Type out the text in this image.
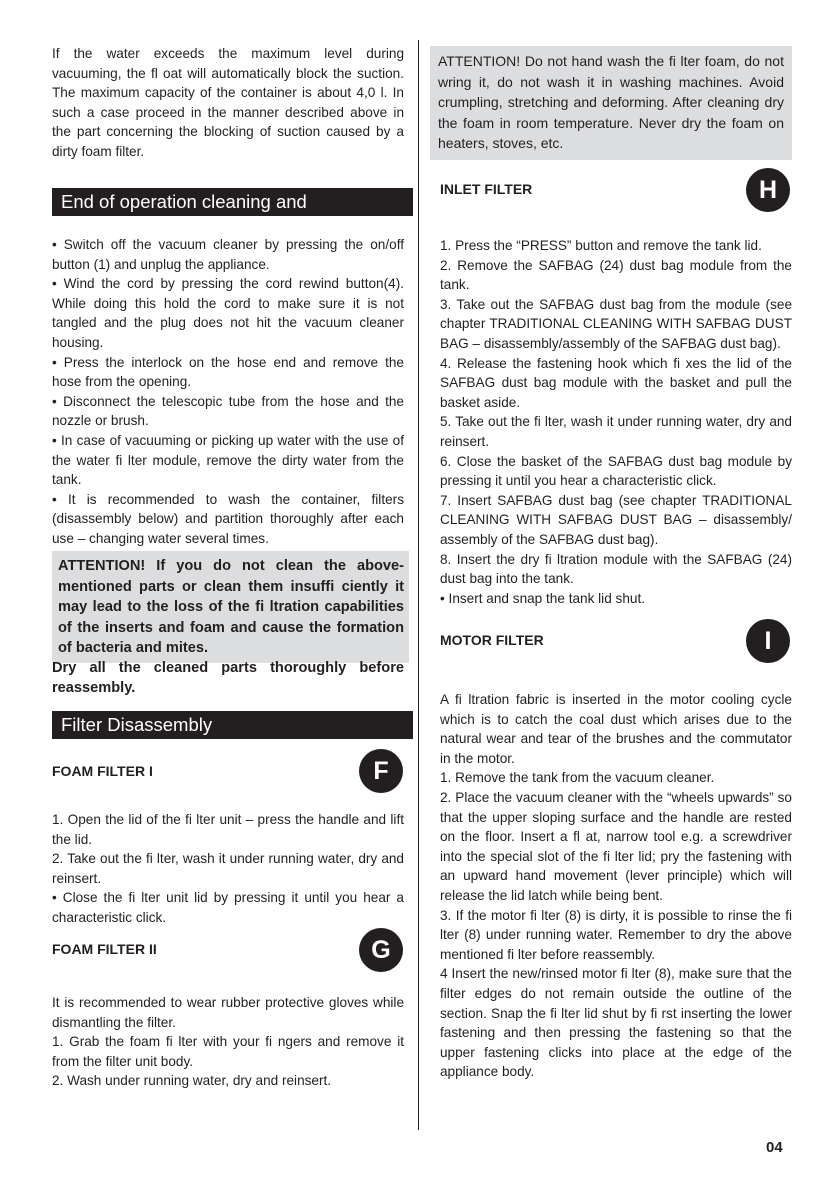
If the water exceeds the maximum level during vacuuming, the fl oat will automatically block the suction. The maximum capacity of the container is about 4,0 l. In such a case proceed in the manner described above in the part concerning the blocking of suction caused by a dirty foam filter.

End of operation cleaning and maintenance

• Switch off the vacuum cleaner by pressing the on/off button (1) and unplug the appliance.

• Wind the cord by pressing the cord rewind button(4). While doing this hold the cord to make sure it is not tangled and the plug does not hit the vacuum cleaner housing.

• Press the interlock on the hose end and remove the hose from the opening.

• Disconnect the telescopic tube from the hose and the nozzle or brush.

• In case of vacuuming or picking up water with the use of the water fi lter module, remove the dirty water from the tank.

• It is recommended to wash the container, filters (disassembly below) and partition thoroughly after each use – changing water several times.

ATTENTION! If you do not clean the above-mentioned parts or clean them insuffi ciently it may lead to the loss of the fi ltration capabilities of the inserts and foam and cause the formation of bacteria and mites.

Dry all the cleaned parts thoroughly before reassembly.

Filter Disassembly
FOAM FILTER I	F

1. Open the lid of the fi lter unit – press the handle and lift the lid.

2. Take out the fi lter, wash it under running water, dry and reinsert.

• Close the fi lter unit lid by pressing it until you hear a characteristic click.

FOAM FILTER II	G

It is recommended to wear rubber protective gloves while dismantling the filter.

1. Grab the foam fi lter with your fi ngers and remove it from the filter unit body.

2. Wash under running water, dry and reinsert.

ATTENTION! Do not hand wash the fi lter foam, do not wring it, do not wash it in washing machines. Avoid crumpling, stretching and deforming. After cleaning dry the foam in room temperature. Never dry the foam on heaters, stoves, etc.

INLET FILTER	H

1. Press the “PRESS” button and remove the tank lid.

2. Remove the SAFBAG (24) dust bag module from the tank.

3. Take out the SAFBAG dust bag from the module (see chapter TRADITIONAL CLEANING WITH SAFBAG DUST BAG – disassembly/assembly of the SAFBAG dust bag).

4. Release the fastening hook which fi xes the lid of the SAFBAG dust bag module with the basket and pull the basket aside.

5. Take out the fi lter, wash it under running water, dry and reinsert.

6. Close the basket of the SAFBAG dust bag module by pressing it until you hear a characteristic click.

7. Insert SAFBAG dust bag (see chapter TRADITIONAL CLEANING WITH SAFBAG DUST BAG – disassembly/ assembly of the SAFBAG dust bag).

8. Insert the dry fi ltration module with the SAFBAG (24) dust bag into the tank.

• Insert and snap the tank lid shut.

MOTOR FILTER	I

A fi ltration fabric is inserted in the motor cooling cycle which is to catch the coal dust which arises due to the natural wear and tear of the brushes and the commutator in the motor.

1. Remove the tank from the vacuum cleaner.

2. Place the vacuum cleaner with the “wheels upwards” so that the upper sloping surface and the handle are rested on the floor. Insert a fl at, narrow tool e.g. a screwdriver into the special slot of the fi lter lid; pry the fastening with an upward hand movement (lever principle) which will release the lid latch while being bent.

3. If the motor fi lter (8) is dirty, it is possible to rinse the fi lter (8) under running water. Remember to dry the above mentioned fi lter before reassembly.

4 Insert the new/rinsed motor fi lter (8), make sure that the filter edges do not remain outside the outline of the section. Snap the fi lter lid shut by fi rst inserting the lower fastening and then pressing the fastening so that the upper fastening clicks into place at the edge of the appliance body.

04
